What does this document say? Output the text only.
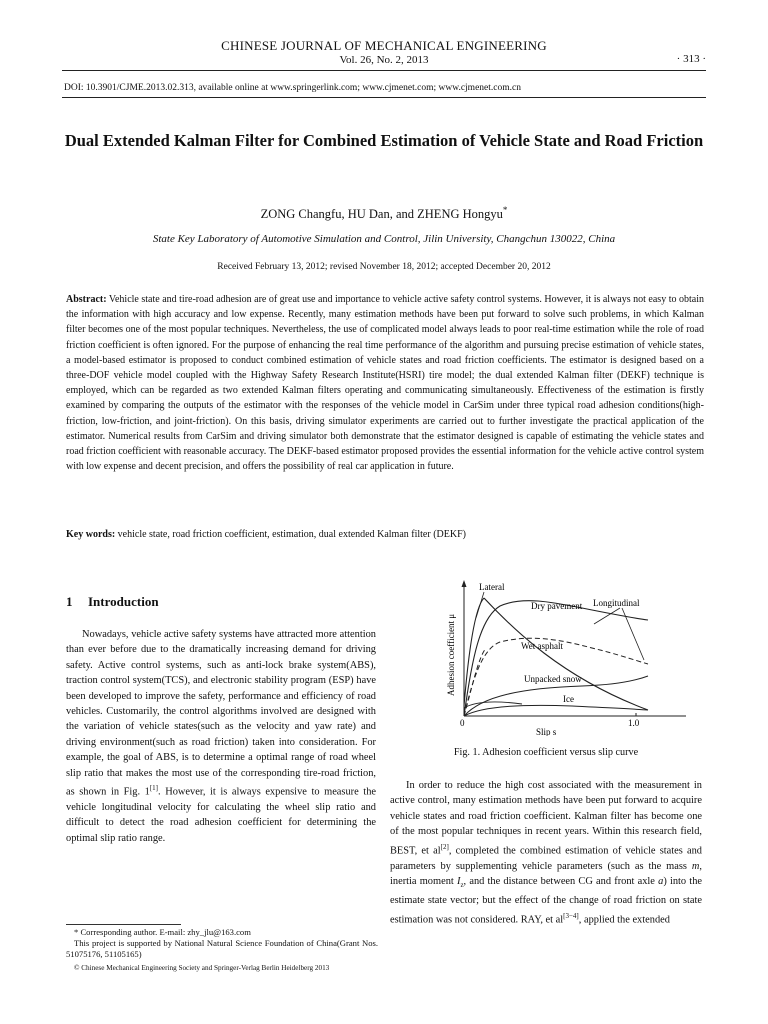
CHINESE JOURNAL OF MECHANICAL ENGINEERING
Vol. 26, No. 2, 2013	· 313 ·
DOI: 10.3901/CJME.2013.02.313, available online at www.springerlink.com; www.cjmenet.com; www.cjmenet.com.cn
Dual Extended Kalman Filter for Combined Estimation of Vehicle State and Road Friction
ZONG Changfu, HU Dan, and ZHENG Hongyu*
State Key Laboratory of Automotive Simulation and Control, Jilin University, Changchun 130022, China
Received February 13, 2012; revised November 18, 2012; accepted December 20, 2012
Abstract: Vehicle state and tire-road adhesion are of great use and importance to vehicle active safety control systems. However, it is always not easy to obtain the information with high accuracy and low expense. Recently, many estimation methods have been put forward to solve such problems, in which Kalman filter becomes one of the most popular techniques. Nevertheless, the use of complicated model always leads to poor real-time estimation while the role of road friction coefficient is often ignored. For the purpose of enhancing the real time performance of the algorithm and pursuing precise estimation of vehicle states, a model-based estimator is proposed to conduct combined estimation of vehicle states and road friction coefficients. The estimator is designed based on a three-DOF vehicle model coupled with the Highway Safety Research Institute(HSRI) tire model; the dual extended Kalman filter (DEKF) technique is employed, which can be regarded as two extended Kalman filters operating and communicating simultaneously. Effectiveness of the estimation is firstly examined by comparing the outputs of the estimator with the responses of the vehicle model in CarSim under three typical road adhesion conditions(high-friction, low-friction, and joint-friction). On this basis, driving simulator experiments are carried out to further investigate the practical application of the estimator. Numerical results from CarSim and driving simulator both demonstrate that the estimator designed is capable of estimating the vehicle states and road friction coefficient with reasonable accuracy. The DEKF-based estimator proposed provides the essential information for the vehicle active control system with low expense and decent precision, and offers the possibility of real car application in future.
Key words: vehicle state, road friction coefficient, estimation, dual extended Kalman filter (DEKF)
1 Introduction

Nowadays, vehicle active safety systems have attracted more attention than ever before due to the dramatically increasing demand for driving safety. Active control systems, such as anti-lock brake system(ABS), traction control system(TCS), and electronic stability program (ESP) have been developed to improve the safety, performance and efficiency of road vehicles. Customarily, the control algorithms involved are designed with the variation of vehicle states(such as the velocity and yaw rate) and driving environment(such as road friction) taken into consideration. For example, the goal of ABS, is to determine a optimal range of road wheel slip ratio that makes the most use of the corresponding tire-road friction, as shown in Fig. 1[1]. However, it is always expensive to measure the vehicle longitudinal velocity for calculating the wheel slip ratio and difficult to detect the road adhesion coefficient for determining the optimal slip ratio range.

* Corresponding author. E-mail: zhy_jlu@163.com

This project is supported by National Natural Science Foundation of China(Grant Nos. 51075176, 51105165)

© Chinese Mechanical Engineering Society and Springer-Verlag Berlin Heidelberg 2013

Lateral
Dry pavement Longitudinal
Wet asphalt
Unpacked snow
Ice
0	1.0
Slip s
Adhesion coefficient μ
Fig. 1. Adhesion coefficient versus slip curve

In order to reduce the high cost associated with the measurement in active control, many estimation methods have been put forward to acquire vehicle states and road friction coefficient. Kalman filter has become one of the most popular techniques in recent years. Within this research field, BEST, et al[2], completed the combined estimation of vehicle states and parameters by supplementing vehicle parameters (such as the mass m, inertia moment $I_z$, and the distance between CG and front axle a) into the estimate state vector; but the effect of the change of road friction on state estimation was not considered. RAY, et al[3−4], applied the extended
